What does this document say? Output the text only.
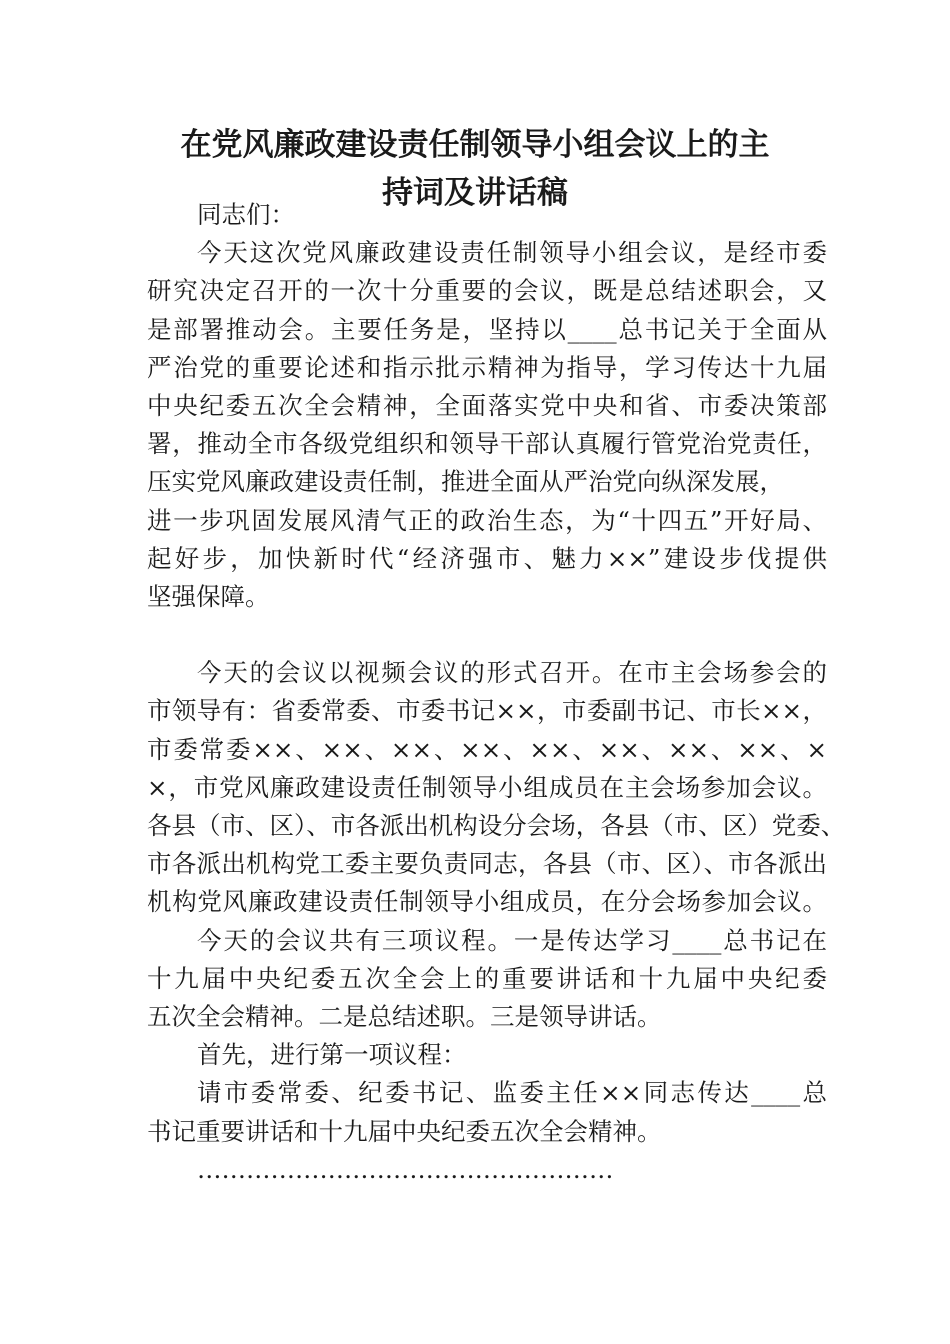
在党风廉政建设责任制领导小组会议上的主
持词及讲话稿
同志们：
今天这次党风廉政建设责任制领导小组会议，是经市委
研究决定召开的一次十分重要的会议，既是总结述职会，又
是部署推动会。主要任务是，坚持以____总书记关于全面从
严治党的重要论述和指示批示精神为指导，学习传达十九届
中央纪委五次全会精神，全面落实党中央和省、市委决策部
署，推动全市各级党组织和领导干部认真履行管党治党责任，
压实党风廉政建设责任制，推进全面从严治党向纵深发展，
进一步巩固发展风清气正的政治生态，为“十四五”开好局、
起好步，加快新时代“经济强市、魅力××”建设步伐提供
坚强保障。
今天的会议以视频会议的形式召开。在市主会场参会的
市领导有：省委常委、市委书记××，市委副书记、市长××，
市委常委××、××、××、××、××、××、××、××、×
×，市党风廉政建设责任制领导小组成员在主会场参加会议。
各县（市、区）、市各派出机构设分会场，各县（市、区）党委、
市各派出机构党工委主要负责同志，各县（市、区）、市各派出
机构党风廉政建设责任制领导小组成员，在分会场参加会议。
今天的会议共有三项议程。一是传达学习____总书记在
十九届中央纪委五次全会上的重要讲话和十九届中央纪委
五次全会精神。二是总结述职。三是领导讲话。
首先，进行第一项议程：
请市委常委、纪委书记、监委主任××同志传达____总
书记重要讲话和十九届中央纪委五次全会精神。
……………………………………………
